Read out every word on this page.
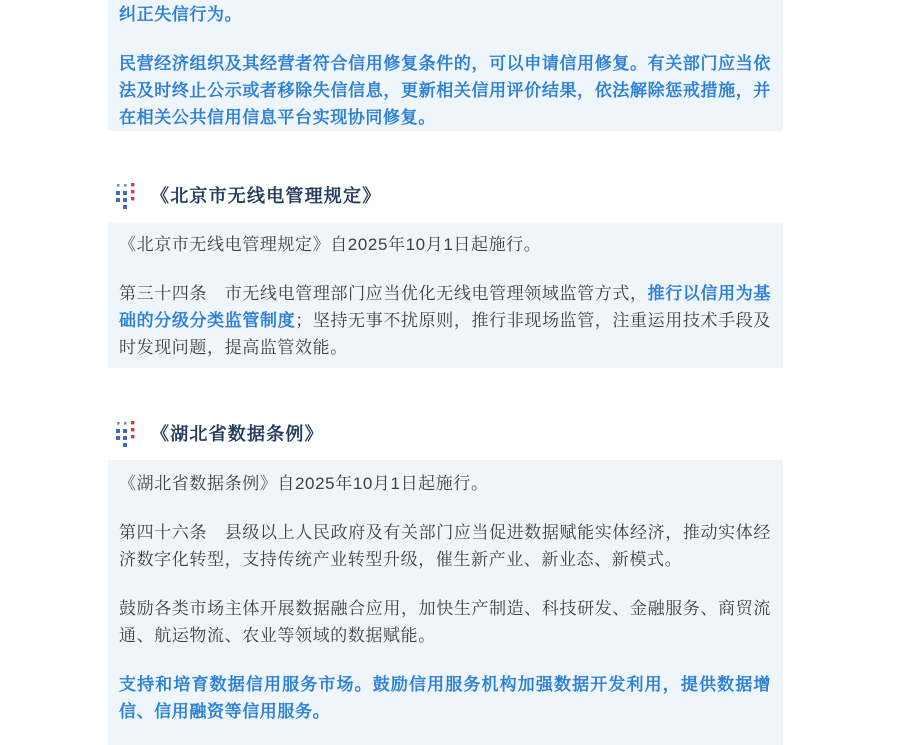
纠正失信行为。

民营经济组织及其经营者符合信用修复条件的，可以申请信用修复。有关部门应当依法及时终止公示或者移除失信信息，更新相关信用评价结果，依法解除惩戒措施，并在相关公共信用信息平台实现协同修复。

《北京市无线电管理规定》

《北京市无线电管理规定》自2025年10月1日起施行。

第三十四条　市无线电管理部门应当优化无线电管理领域监管方式，推行以信用为基础的分级分类监管制度；坚持无事不扰原则，推行非现场监管，注重运用技术手段及时发现问题，提高监管效能。

《湖北省数据条例》

《湖北省数据条例》自2025年10月1日起施行。

第四十六条　县级以上人民政府及有关部门应当促进数据赋能实体经济，推动实体经济数字化转型，支持传统产业转型升级，催生新产业、新业态、新模式。

鼓励各类市场主体开展数据融合应用，加快生产制造、科技研发、金融服务、商贸流通、航运物流、农业等领域的数据赋能。

支持和培育数据信用服务市场。鼓励信用服务机构加强数据开发利用，提供数据增信、信用融资等信用服务。
